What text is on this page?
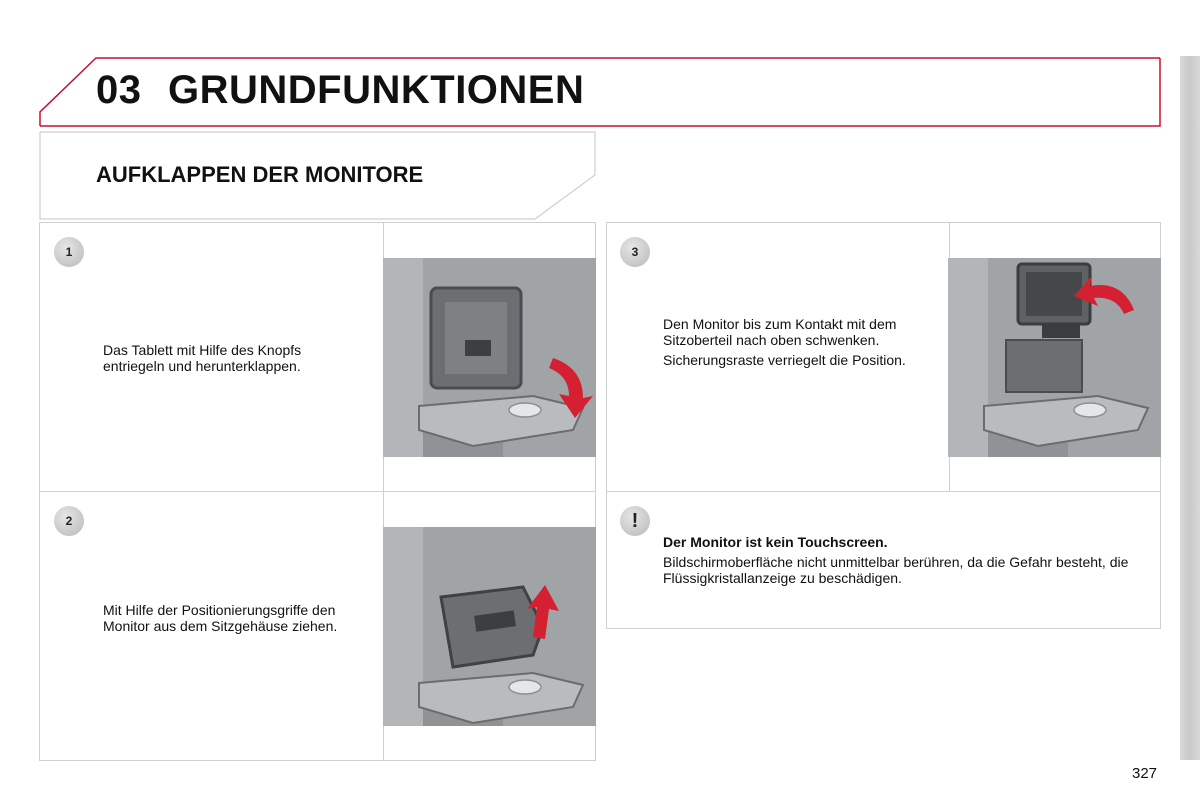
03 GRUNDFUNKTIONEN
AUFKLAPPEN DER MONITORE
1

Das Tablett mit Hilfe des Knopfs entriegeln und herunterklappen.

2

Mit Hilfe der Positionierungsgriffe den Monitor aus dem Sitzgehäuse ziehen.

3

Den Monitor bis zum Kontakt mit dem Sitzoberteil nach oben schwenken.

Sicherungsraste verriegelt die Position.

!

Der Monitor ist kein Touchscreen.

Bildschirmoberfläche nicht unmittelbar berühren, da die Gefahr besteht, die Flüssigkristallanzeige zu beschädigen.

327
